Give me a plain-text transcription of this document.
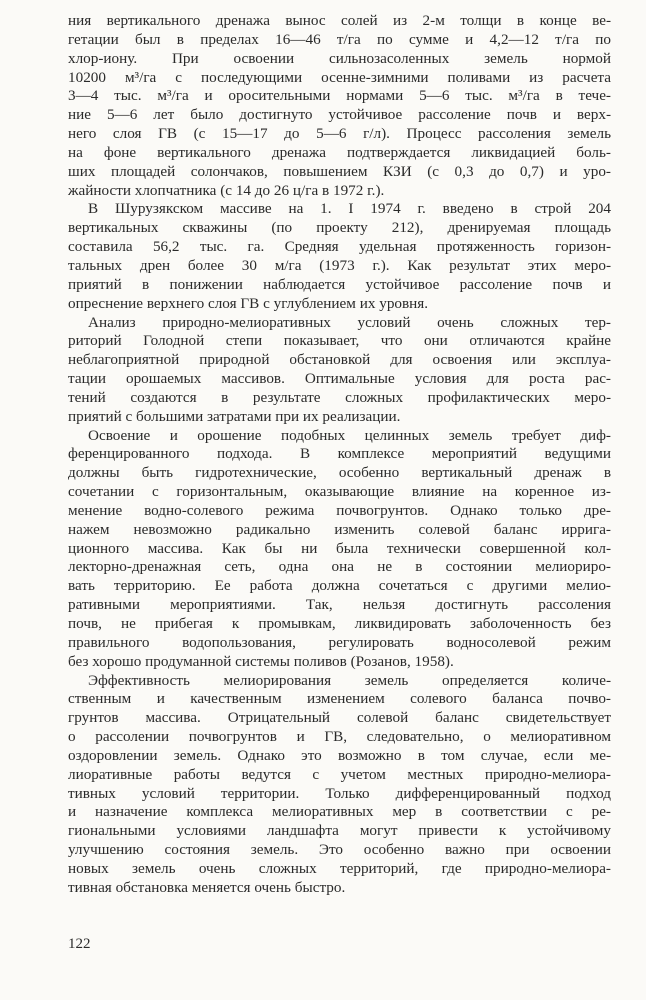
ния вертикального дренажа вынос солей из 2-м толщи в конце ве-
гетации был в пределах 16—46 т/га по сумме и 4,2—12 т/га по
хлор-иону. При освоении сильнозасоленных земель нормой
10200 м³/га с последующими осенне-зимними поливами из расчета
3—4 тыс. м³/га и оросительными нормами 5—6 тыс. м³/га в тече-
ние 5—6 лет было достигнуто устойчивое рассоление почв и верх-
него слоя ГВ (с 15—17 до 5—6 г/л). Процесс рассоления земель
на фоне вертикального дренажа подтверждается ликвидацией боль-
ших площадей солончаков, повышением КЗИ (с 0,3 до 0,7) и уро-
жайности хлопчатника (с 14 до 26 ц/га в 1972 г.).
В Шурузякском массиве на 1. I 1974 г. введено в строй 204
вертикальных скважины (по проекту 212), дренируемая площадь
составила 56,2 тыс. га. Средняя удельная протяженность горизон-
тальных дрен более 30 м/га (1973 г.). Как результат этих меро-
приятий в понижении наблюдается устойчивое рассоление почв и
опреснение верхнего слоя ГВ с углублением их уровня.
Анализ природно-мелиоративных условий очень сложных тер-
риторий Голодной степи показывает, что они отличаются крайне
неблагоприятной природной обстановкой для освоения или эксплуа-
тации орошаемых массивов. Оптимальные условия для роста рас-
тений создаются в результате сложных профилактических меро-
приятий с большими затратами при их реализации.
Освоение и орошение подобных целинных земель требует диф-
ференцированного подхода. В комплексе мероприятий ведущими
должны быть гидротехнические, особенно вертикальный дренаж в
сочетании с горизонтальным, оказывающие влияние на коренное из-
менение водно-солевого режима почвогрунтов. Однако только дре-
нажем невозможно радикально изменить солевой баланс ирригa-
ционного массива. Как бы ни была технически совершенной кол-
лекторно-дренажная сеть, одна она не в состоянии мелиориро-
вать территорию. Ее работа должна сочетаться с другими мелио-
ративными мероприятиями. Так, нельзя достигнуть рассоления
почв, не прибегая к промывкам, ликвидировать заболоченность без
правильного водопользования, регулировать водносолевой режим
без хорошо продуманной системы поливов (Розанов, 1958).
Эффективность мелиорирования земель определяется количе-
ственным и качественным изменением солевого баланса почво-
грунтов массива. Отрицательный солевой баланс свидетельствует
о рассолении почвогрунтов и ГВ, следовательно, о мелиоративном
оздоровлении земель. Однако это возможно в том случае, если ме-
лиоративные работы ведутся с учетом местных природно-мелиора-
тивных условий территории. Только дифференцированный подход
и назначение комплекса мелиоративных мер в соответствии с ре-
гиональными условиями ландшафта могут привести к устойчивому
улучшению состояния земель. Это особенно важно при освоении
новых земель очень сложных территорий, где природно-мелиора-
тивная обстановка меняется очень быстро.
122
